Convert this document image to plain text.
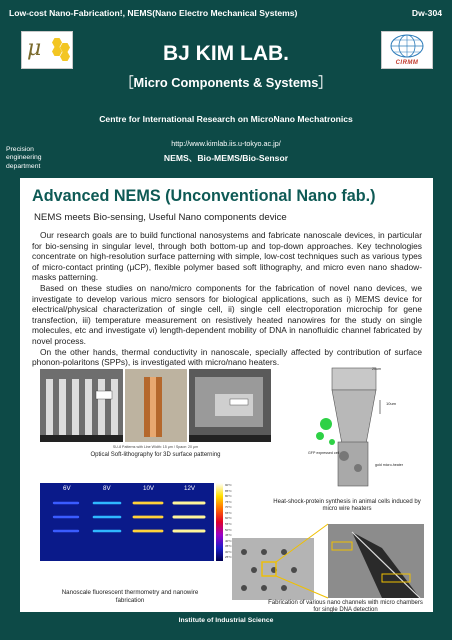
Low-cost Nano-Fabrication!, NEMS(Nano Electro Mechanical Systems)	Dw-304
μ
CIRMM
BJ KIM LAB.
［Micro Components & Systems］
Centre for International Research on MicroNano Mechatronics
http://www.kimlab.iis.u-tokyo.ac.jp/
NEMS、Bio-MEMS/Bio-Sensor
Precision engineering department
Advanced NEMS (Unconventional Nano fab.)
NEMS meets Bio-sensing, Useful Nano components device

Our research goals are to build functional nanosystems and fabricate nanoscale devices, in particular for bio-sensing in singular level, through both bottom-up and top-down approaches. Key technologies concentrate on high-resolution surface patterning with simple, low-cost techniques such as various types of micro-contact printing (μCP), flexible polymer based soft lithography, and micro even nano shadow-masks patterning.

Based on these studies on nano/micro components for the fabrication of novel nano devices, we investigate to develop various micro sensors for biological applications, such as i) MEMS device for electrical/physical characterization of single cell, ii) single cell electroporation microchip for gene transfection, iii) temperature measurement on resistively heated nanowires for the study on single molecules, etc and investigate vi) length-dependent mobility of DNA in nanofluidic channel fabricated by novel process.

On the other hands, thermal conductivity in nanoscale, specially affected by contribution of surface phonon-polaritons (SPPs), is investigated with micro/nano heaters.

SU-8 Patterns with Line Width: 15 μm / Space: 20 μm
Optical Soft-lithography for 3D surface patterning
20um
10um
GFP expressed cell
gold micro-heater
Heat-shock-protein synthesis in animal cells induced by micro wire heaters
6V	8V	10V	12V	90°C
85°C
80°C
75°C
70°C
65°C
60°C
55°C
50°C
45°C
40°C
35°C
30°C
25°C
Nanoscale fluorescent thermometry and nanowire fabrication	Fabrication of various nano channels with micro chambers for single DNA detection
Institute of Industrial Science
